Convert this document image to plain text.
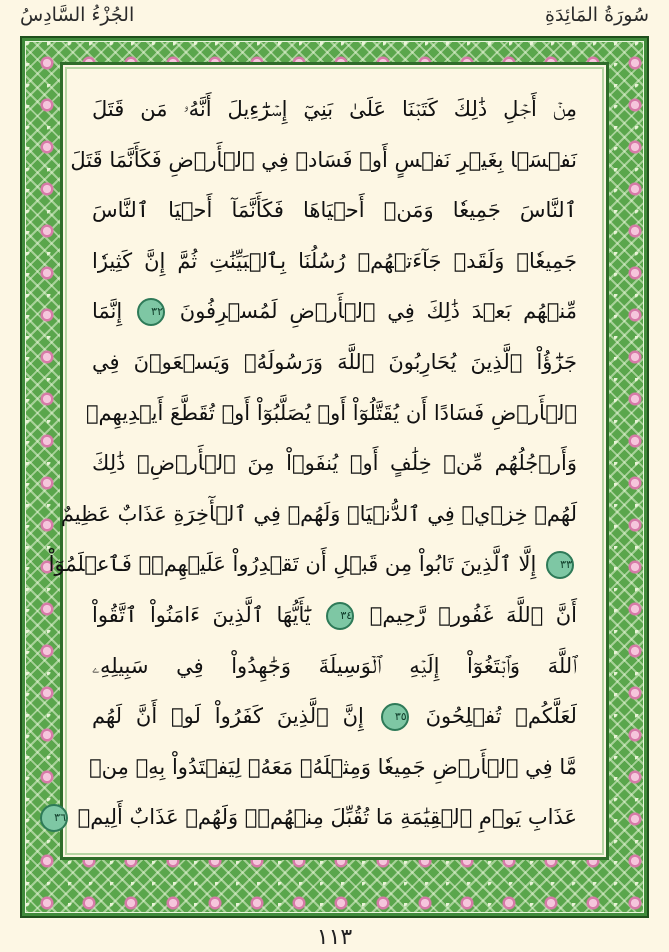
الجُزْءُ السَّادِسُ	سُورَةُ المَائِدَةِ
مِنۡ أَجۡلِ ذَٰلِكَ كَتَبۡنَا عَلَىٰ بَنِيٓ إِسۡرَٰٓءِيلَ أَنَّهُۥ مَن قَتَلَ
نَفۡسَۢا بِغَيۡرِ نَفۡسٍ أَوۡ فَسَادٖ فِي ٱلۡأَرۡضِ فَكَأَنَّمَا قَتَلَ
ٱلنَّاسَ جَمِيعٗا وَمَنۡ أَحۡيَاهَا فَكَأَنَّمَآ أَحۡيَا ٱلنَّاسَ
جَمِيعٗاۚ وَلَقَدۡ جَآءَتۡهُمۡ رُسُلُنَا بِٱلۡبَيِّنَٰتِ ثُمَّ إِنَّ كَثِيرٗا
مِّنۡهُم بَعۡدَ ذَٰلِكَ فِي ٱلۡأَرۡضِ لَمُسۡرِفُونَ ٣٢ إِنَّمَا
جَزَٰٓؤُاْ ٱلَّذِينَ يُحَارِبُونَ ٱللَّهَ وَرَسُولَهُۥ وَيَسۡعَوۡنَ فِي
ٱلۡأَرۡضِ فَسَادًا أَن يُقَتَّلُوٓاْ أَوۡ يُصَلَّبُوٓاْ أَوۡ تُقَطَّعَ أَيۡدِيهِمۡ
وَأَرۡجُلُهُم مِّنۡ خِلَٰفٍ أَوۡ يُنفَوۡاْ مِنَ ٱلۡأَرۡضِۚ ذَٰلِكَ
لَهُمۡ خِزۡيٞ فِي ٱلدُّنۡيَاۖ وَلَهُمۡ فِي ٱلۡأٓخِرَةِ عَذَابٌ عَظِيمٌ
٣٣ إِلَّا ٱلَّذِينَ تَابُواْ مِن قَبۡلِ أَن تَقۡدِرُواْ عَلَيۡهِمۡۖ فَٱعۡلَمُوٓاْ
أَنَّ ٱللَّهَ غَفُورٞ رَّحِيمٞ ٣٤ يَٰٓأَيُّهَا ٱلَّذِينَ ءَامَنُواْ ٱتَّقُواْ
ٱللَّهَ وَٱبۡتَغُوٓاْ إِلَيۡهِ ٱلۡوَسِيلَةَ وَجَٰهِدُواْ فِي سَبِيلِهِۦ
لَعَلَّكُمۡ تُفۡلِحُونَ ٣٥ إِنَّ ٱلَّذِينَ كَفَرُواْ لَوۡ أَنَّ لَهُم
مَّا فِي ٱلۡأَرۡضِ جَمِيعٗا وَمِثۡلَهُۥ مَعَهُۥ لِيَفۡتَدُواْ بِهِۦ مِنۡ
عَذَابِ يَوۡمِ ٱلۡقِيَٰمَةِ مَا تُقُبِّلَ مِنۡهُمۡۖ وَلَهُمۡ عَذَابٌ أَلِيمٞ ٣٦
١١٣
